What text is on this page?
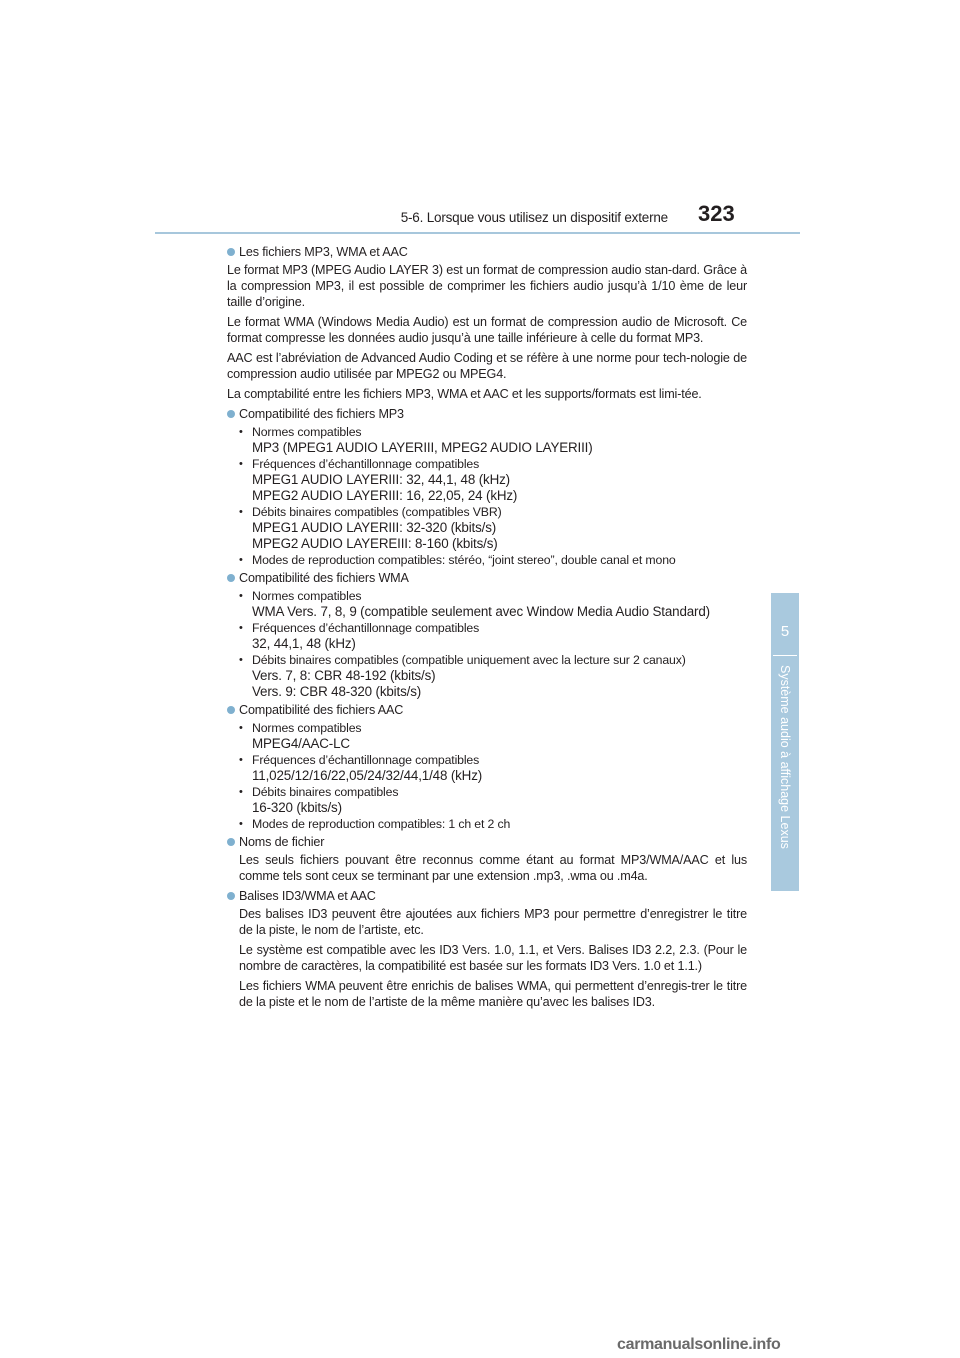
5-6. Lorsque vous utilisez un dispositif externe 323
5
Système audio à affichage Lexus
Les fichiers MP3, WMA et AAC

Le format MP3 (MPEG Audio LAYER 3) est un format de compression audio stan-dard. Grâce à la compression MP3, il est possible de comprimer les fichiers audio jusqu’à 1/10 ème de leur taille d’origine.

Le format WMA (Windows Media Audio) est un format de compression audio de Microsoft. Ce format compresse les données audio jusqu’à une taille inférieure à celle du format MP3.

AAC est l’abréviation de Advanced Audio Coding et se réfère à une norme pour tech-nologie de compression audio utilisée par MPEG2 ou MPEG4.

La comptabilité entre les fichiers MP3, WMA et AAC et les supports/formats est limi-tée.

Compatibilité des fichiers MP3
• Normes compatibles
MP3 (MPEG1 AUDIO LAYERIII, MPEG2 AUDIO LAYERIII)
• Fréquences d’échantillonnage compatibles
MPEG1 AUDIO LAYERIII: 32, 44,1, 48 (kHz)
MPEG2 AUDIO LAYERIII: 16, 22,05, 24 (kHz)
• Débits binaires compatibles (compatibles VBR)
MPEG1 AUDIO LAYERIII: 32-320 (kbits/s)
MPEG2 AUDIO LAYEREIII: 8-160 (kbits/s)
• Modes de reproduction compatibles: stéréo, “joint stereo”, double canal et mono
Compatibilité des fichiers WMA
• Normes compatibles
WMA Vers. 7, 8, 9 (compatible seulement avec Window Media Audio Standard)
• Fréquences d’échantillonnage compatibles
32, 44,1, 48 (kHz)
• Débits binaires compatibles (compatible uniquement avec la lecture sur 2 canaux)
Vers. 7, 8: CBR 48-192 (kbits/s)
Vers. 9: CBR 48-320 (kbits/s)
Compatibilité des fichiers AAC
• Normes compatibles
MPEG4/AAC-LC
• Fréquences d’échantillonnage compatibles
11,025/12/16/22,05/24/32/44,1/48 (kHz)
• Débits binaires compatibles
16-320 (kbits/s)
• Modes de reproduction compatibles: 1 ch et 2 ch
Noms de fichier

Les seuls fichiers pouvant être reconnus comme étant au format MP3/WMA/AAC et lus comme tels sont ceux se terminant par une extension .mp3, .wma ou .m4a.

Balises ID3/WMA et AAC

Des balises ID3 peuvent être ajoutées aux fichiers MP3 pour permettre d’enregistrer le titre de la piste, le nom de l’artiste, etc.

Le système est compatible avec les ID3 Vers. 1.0, 1.1, et Vers. Balises ID3 2.2, 2.3. (Pour le nombre de caractères, la compatibilité est basée sur les formats ID3 Vers. 1.0 et 1.1.)

Les fichiers WMA peuvent être enrichis de balises WMA, qui permettent d’enregis-trer le titre de la piste et le nom de l’artiste de la même manière qu’avec les balises ID3.

carmanualsonline.info
